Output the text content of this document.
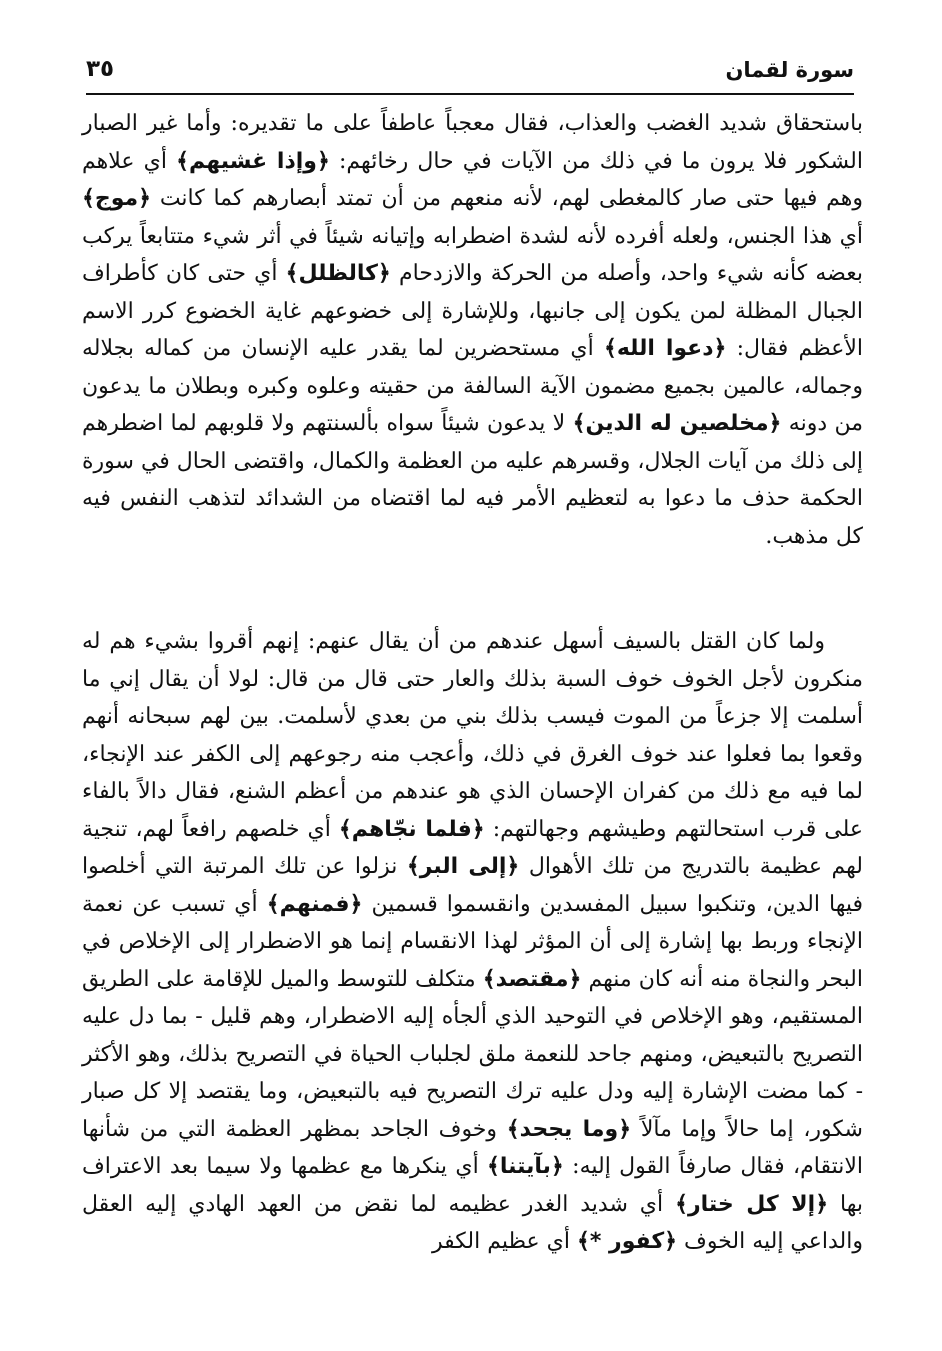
سورة لقمان
٣٥

باستحقاق شديد الغضب والعذاب، فقال معجباً عاطفاً على ما تقديره: وأما غير الصبار الشكور فلا يرون ما في ذلك من الآيات في حال رخائهم: ﴿وإذا غشيهم﴾ أي علاهم وهم فيها حتى صار كالمغطى لهم، لأنه منعهم من أن تمتد أبصارهم كما كانت ﴿موج﴾ أي هذا الجنس، ولعله أفرده لأنه لشدة اضطرابه وإتيانه شيئاً في أثر شيء متتابعاً يركب بعضه كأنه شيء واحد، وأصله من الحركة والازدحام ﴿كالظلل﴾ أي حتى كان كأطراف الجبال المظلة لمن يكون إلى جانبها، وللإشارة إلى خضوعهم غاية الخضوع كرر الاسم الأعظم فقال: ﴿دعوا الله﴾ أي مستحضرين لما يقدر عليه الإنسان من كماله بجلاله وجماله، عالمين بجميع مضمون الآية السالفة من حقيته وعلوه وكبره وبطلان ما يدعون من دونه ﴿مخلصين له الدين﴾ لا يدعون شيئاً سواه بألسنتهم ولا قلوبهم لما اضطرهم إلى ذلك من آيات الجلال، وقسرهم عليه من العظمة والكمال، واقتضى الحال في سورة الحكمة حذف ما دعوا به لتعظيم الأمر فيه لما اقتضاه من الشدائد لتذهب النفس فيه كل مذهب.

ولما كان القتل بالسيف أسهل عندهم من أن يقال عنهم: إنهم أقروا بشيء هم له منكرون لأجل الخوف خوف السبة بذلك والعار حتى قال من قال: لولا أن يقال إني ما أسلمت إلا جزعاً من الموت فيسب بذلك بني من بعدي لأسلمت. بين لهم سبحانه أنهم وقعوا بما فعلوا عند خوف الغرق في ذلك، وأعجب منه رجوعهم إلى الكفر عند الإنجاء، لما فيه مع ذلك من كفران الإحسان الذي هو عندهم من أعظم الشنع، فقال دالاً بالفاء على قرب استحالتهم وطيشهم وجهالتهم: ﴿فلما نجّاهم﴾ أي خلصهم رافعاً لهم، تنجية لهم عظيمة بالتدريج من تلك الأهوال ﴿إلى البر﴾ نزلوا عن تلك المرتبة التي أخلصوا فيها الدين، وتنكبوا سبيل المفسدين وانقسموا قسمين ﴿فمنهم﴾ أي تسبب عن نعمة الإنجاء وربط بها إشارة إلى أن المؤثر لهذا الانقسام إنما هو الاضطرار إلى الإخلاص في البحر والنجاة منه أنه كان منهم ﴿مقتصد﴾ متكلف للتوسط والميل للإقامة على الطريق المستقيم، وهو الإخلاص في التوحيد الذي ألجأه إليه الاضطرار، وهم قليل - بما دل عليه التصريح بالتبعيض، ومنهم جاحد للنعمة ملق لجلباب الحياة في التصريح بذلك، وهو الأكثر - كما مضت الإشارة إليه ودل عليه ترك التصريح فيه بالتبعيض، وما يقتصد إلا كل صبار شكور، إما حالاً وإما مآلاً ﴿وما يجحد﴾ وخوف الجاحد بمظهر العظمة التي من شأنها الانتقام، فقال صارفاً القول إليه: ﴿بآيتنا﴾ أي ينكرها مع عظمها ولا سيما بعد الاعتراف بها ﴿إلا كل ختار﴾ أي شديد الغدر عظيمه لما نقض من العهد الهادي إليه العقل والداعي إليه الخوف ﴿كفور *﴾ أي عظيم الكفر
